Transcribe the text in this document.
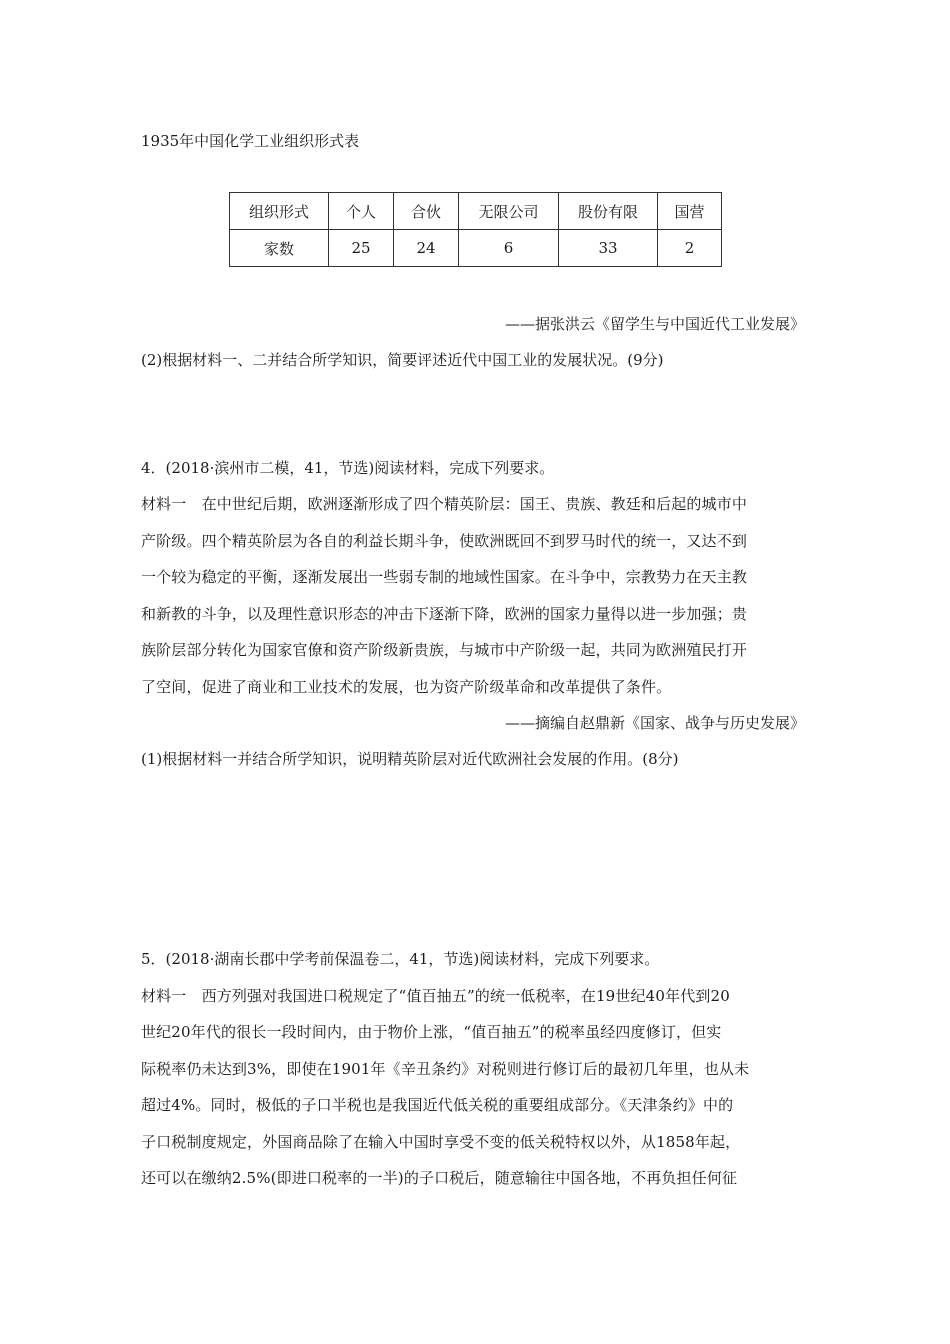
1935年中国化学工业组织形式表
组织形式	个人	合伙	无限公司	股份有限	国营
家数	25	24	6	33	2
——据张洪云《留学生与中国近代工业发展》
(2)根据材料一、二并结合所学知识，简要评述近代中国工业的发展状况。(9分)
4．(2018·滨州市二模，41，节选)阅读材料，完成下列要求。
材料一　在中世纪后期，欧洲逐渐形成了四个精英阶层：国王、贵族、教廷和后起的城市中
产阶级。四个精英阶层为各自的利益长期斗争，使欧洲既回不到罗马时代的统一，又达不到
一个较为稳定的平衡，逐渐发展出一些弱专制的地域性国家。在斗争中，宗教势力在天主教
和新教的斗争，以及理性意识形态的冲击下逐渐下降，欧洲的国家力量得以进一步加强；贵
族阶层部分转化为国家官僚和资产阶级新贵族，与城市中产阶级一起，共同为欧洲殖民打开
了空间，促进了商业和工业技术的发展，也为资产阶级革命和改革提供了条件。
——摘编自赵鼎新《国家、战争与历史发展》
(1)根据材料一并结合所学知识，说明精英阶层对近代欧洲社会发展的作用。(8分)
5．(2018·湖南长郡中学考前保温卷二，41，节选)阅读材料，完成下列要求。
材料一　西方列强对我国进口税规定了“值百抽五”的统一低税率，在19世纪40年代到20
世纪20年代的很长一段时间内，由于物价上涨，“值百抽五”的税率虽经四度修订，但实
际税率仍未达到3%，即使在1901年《辛丑条约》对税则进行修订后的最初几年里，也从未
超过4%。同时，极低的子口半税也是我国近代低关税的重要组成部分。《天津条约》中的
子口税制度规定，外国商品除了在输入中国时享受不变的低关税特权以外，从1858年起，
还可以在缴纳2.5%(即进口税率的一半)的子口税后，随意输往中国各地，不再负担任何征
